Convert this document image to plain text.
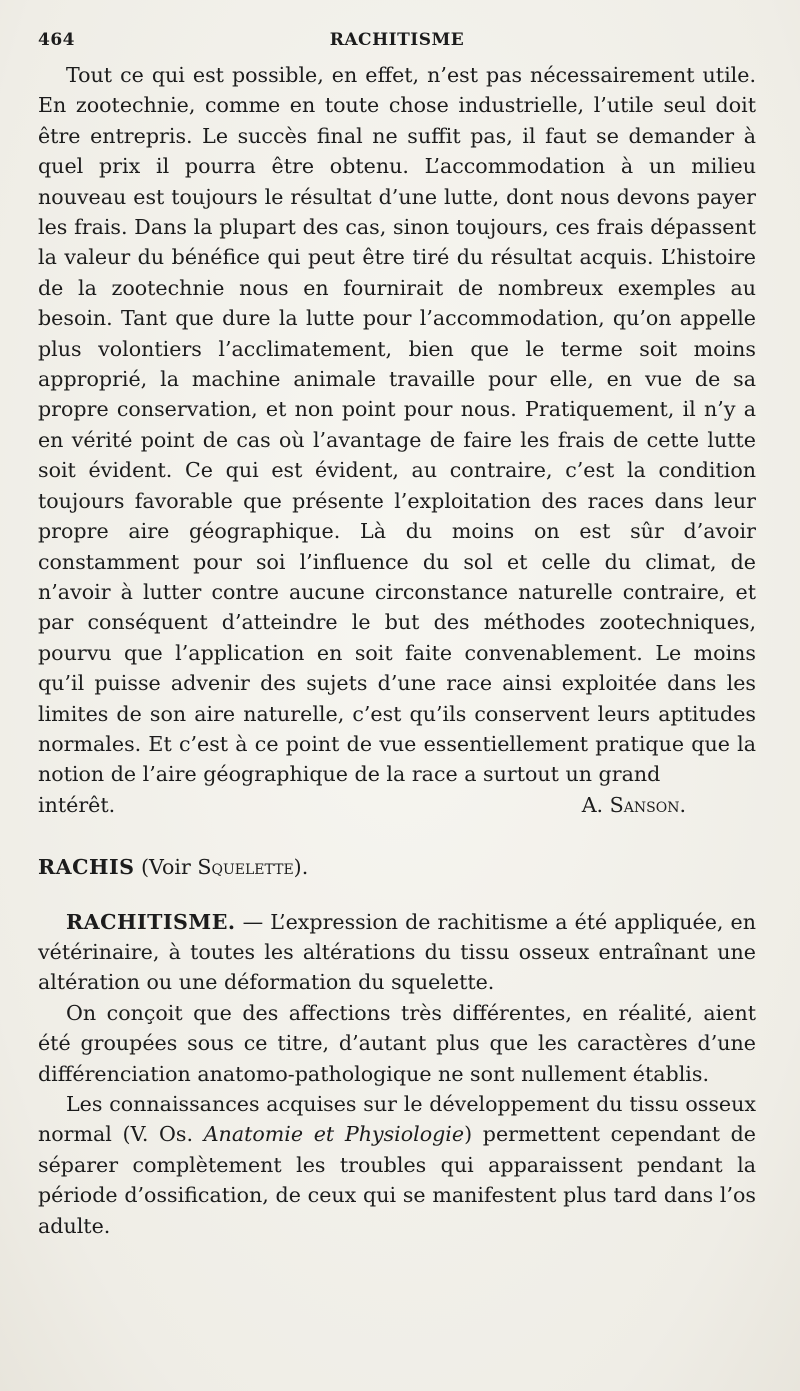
464	RACHITISME

Tout ce qui est possible, en effet, n’est pas nécessairement utile. En zootechnie, comme en toute chose industrielle, l’utile seul doit être entrepris. Le succès final ne suffit pas, il faut se demander à quel prix il pourra être obtenu. L’accommodation à un milieu nouveau est toujours le résultat d’une lutte, dont nous devons payer les frais. Dans la plupart des cas, sinon toujours, ces frais dépassent la valeur du bénéfice qui peut être tiré du résultat acquis. L’histoire de la zootechnie nous en fournirait de nombreux exemples au besoin. Tant que dure la lutte pour l’accommodation, qu’on appelle plus volontiers l’acclimatement, bien que le terme soit moins approprié, la machine animale travaille pour elle, en vue de sa propre conservation, et non point pour nous. Pratiquement, il n’y a en vérité point de cas où l’avantage de faire les frais de cette lutte soit évident. Ce qui est évident, au contraire, c’est la condition toujours favorable que présente l’exploitation des races dans leur propre aire géographique. Là du moins on est sûr d’avoir constamment pour soi l’influence du sol et celle du climat, de n’avoir à lutter contre aucune circonstance naturelle contraire, et par conséquent d’atteindre le but des méthodes zootechniques, pourvu que l’application en soit faite convenablement. Le moins qu’il puisse advenir des sujets d’une race ainsi exploitée dans les limites de son aire naturelle, c’est qu’ils conservent leurs aptitudes normales. Et c’est à ce point de vue essentiellement pratique que la notion de l’aire géographique de la race a surtout un grand

intérêt.	A. Sanson.
RACHIS (Voir Squelette).

RACHITISME. — L’expression de rachitisme a été appliquée, en vétérinaire, à toutes les altérations du tissu osseux entraînant une altération ou une déformation du squelette.

On conçoit que des affections très différentes, en réalité, aient été groupées sous ce titre, d’autant plus que les caractères d’une différenciation anatomo-pathologique ne sont nullement établis.

Les connaissances acquises sur le développement du tissu osseux normal (V. Os. Anatomie et Physiologie) permettent cependant de séparer complètement les troubles qui apparaissent pendant la période d’ossification, de ceux qui se manifestent plus tard dans l’os adulte.
